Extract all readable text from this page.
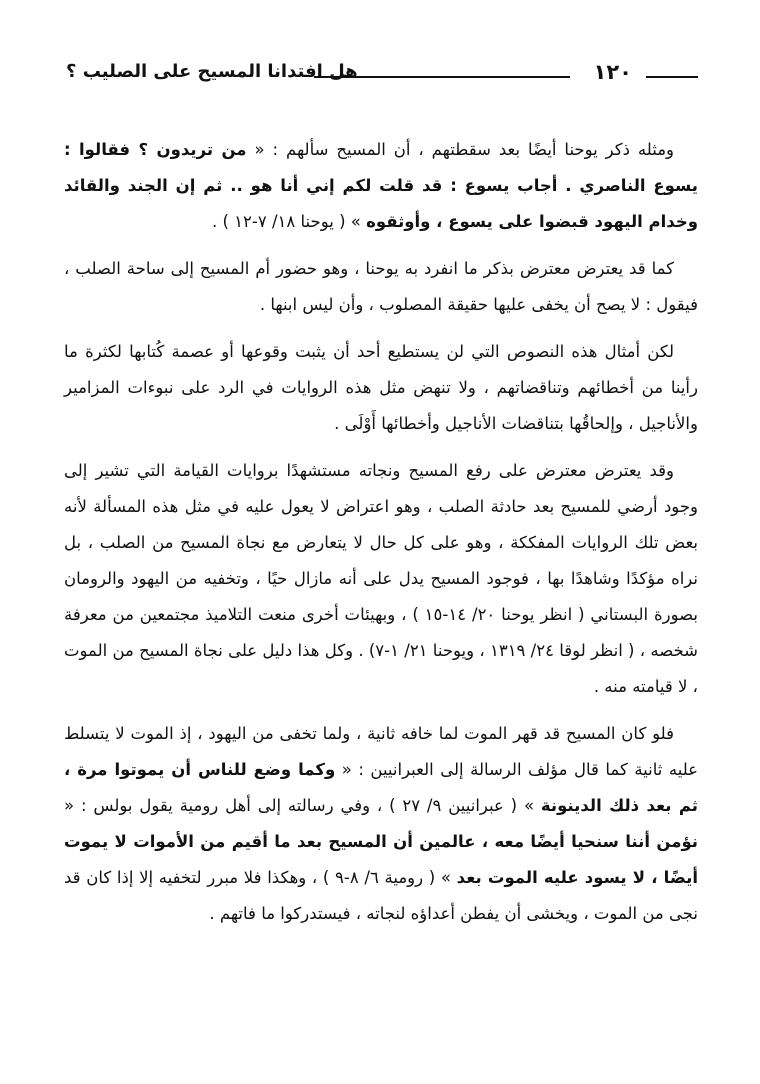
١٢٠
هل افتدانا المسيح على الصليب ؟

ومثله ذكر يوحنا أيضًا بعد سقطتهم ، أن المسيح سألهم : « من تريدون ؟ فقالوا : يسوع الناصري . أجاب يسوع : قد قلت لكم إني أنا هو .. ثم إن الجند والقائد وخدام اليهود قبضوا على يسوع ، وأوثقوه » ( يوحنا ١٨/ ٧-١٢ ) .

كما قد يعترض معترض بذكر ما انفرد به يوحنا ، وهو حضور أم المسيح إلى ساحة الصلب ، فيقول : لا يصح أن يخفى عليها حقيقة المصلوب ، وأن ليس ابنها .

لكن أمثال هذه النصوص التي لن يستطيع أحد أن يثبت وقوعها أو عصمة كُتابها لكثرة ما رأينا من أخطائهم وتناقضاتهم ، ولا تنهض مثل هذه الروايات في الرد على نبوءات المزامير والأناجيل ، وإلحاقُها بتناقضات الأناجيل وأخطائها أَوْلَى .

وقد يعترض معترض على رفع المسيح ونجاته مستشهدًا بروايات القيامة التي تشير إلى وجود أرضي للمسيح بعد حادثة الصلب ، وهو اعتراض لا يعول عليه في مثل هذه المسألة لأنه بعض تلك الروايات المفككة ، وهو على كل حال لا يتعارض مع نجاة المسيح من الصلب ، بل نراه مؤكدًا وشاهدًا بها ، فوجود المسيح يدل على أنه مازال حيًا ، وتخفيه من اليهود والرومان بصورة البستاني ( انظر يوحنا ٢٠/ ١٤-١٥ ) ، وبهيئات أخرى منعت التلاميذ مجتمعين من معرفة شخصه ، ( انظر لوقا ٢٤/ ١٣١٩ ، ويوحنا ٢١/ ١-٧) . وكل هذا دليل على نجاة المسيح من الموت ، لا قيامته منه .

فلو كان المسيح قد قهر الموت لما خافه ثانية ، ولما تخفى من اليهود ، إذ الموت لا يتسلط عليه ثانية كما قال مؤلف الرسالة إلى العبرانيين : « وكما وضع للناس أن يموتوا مرة ، ثم بعد ذلك الدينونة » ( عبرانيين ٩/ ٢٧ ) ، وفي رسالته إلى أهل رومية يقول بولس : « نؤمن أننا سنحيا أيضًا معه ، عالمين أن المسيح بعد ما أقيم من الأموات لا يموت أيضًا ، لا يسود عليه الموت بعد » ( رومية ٦/ ٨-٩ ) ، وهكذا فلا مبرر لتخفيه إلا إذا كان قد نجى من الموت ، ويخشى أن يفطن أعداؤه لنجاته ، فيستدركوا ما فاتهم .
